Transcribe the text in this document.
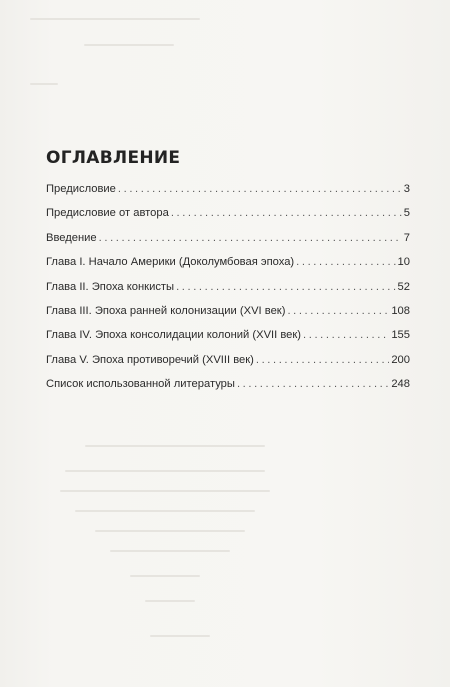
ОГЛАВЛЕНИЕ
Предисловие .....	3
Предисловие от автора .....	5
Введение .....	7
Глава I. Начало Америки (Доколумбовая эпоха) .....	10
Глава II. Эпоха конкисты .....	52
Глава III. Эпоха ранней колонизации (XVI век) .....	108
Глава IV. Эпоха консолидации колоний (XVII век) .....	155
Глава V. Эпоха противоречий (XVIII век) .....	200
Список использованной литературы .....	248
